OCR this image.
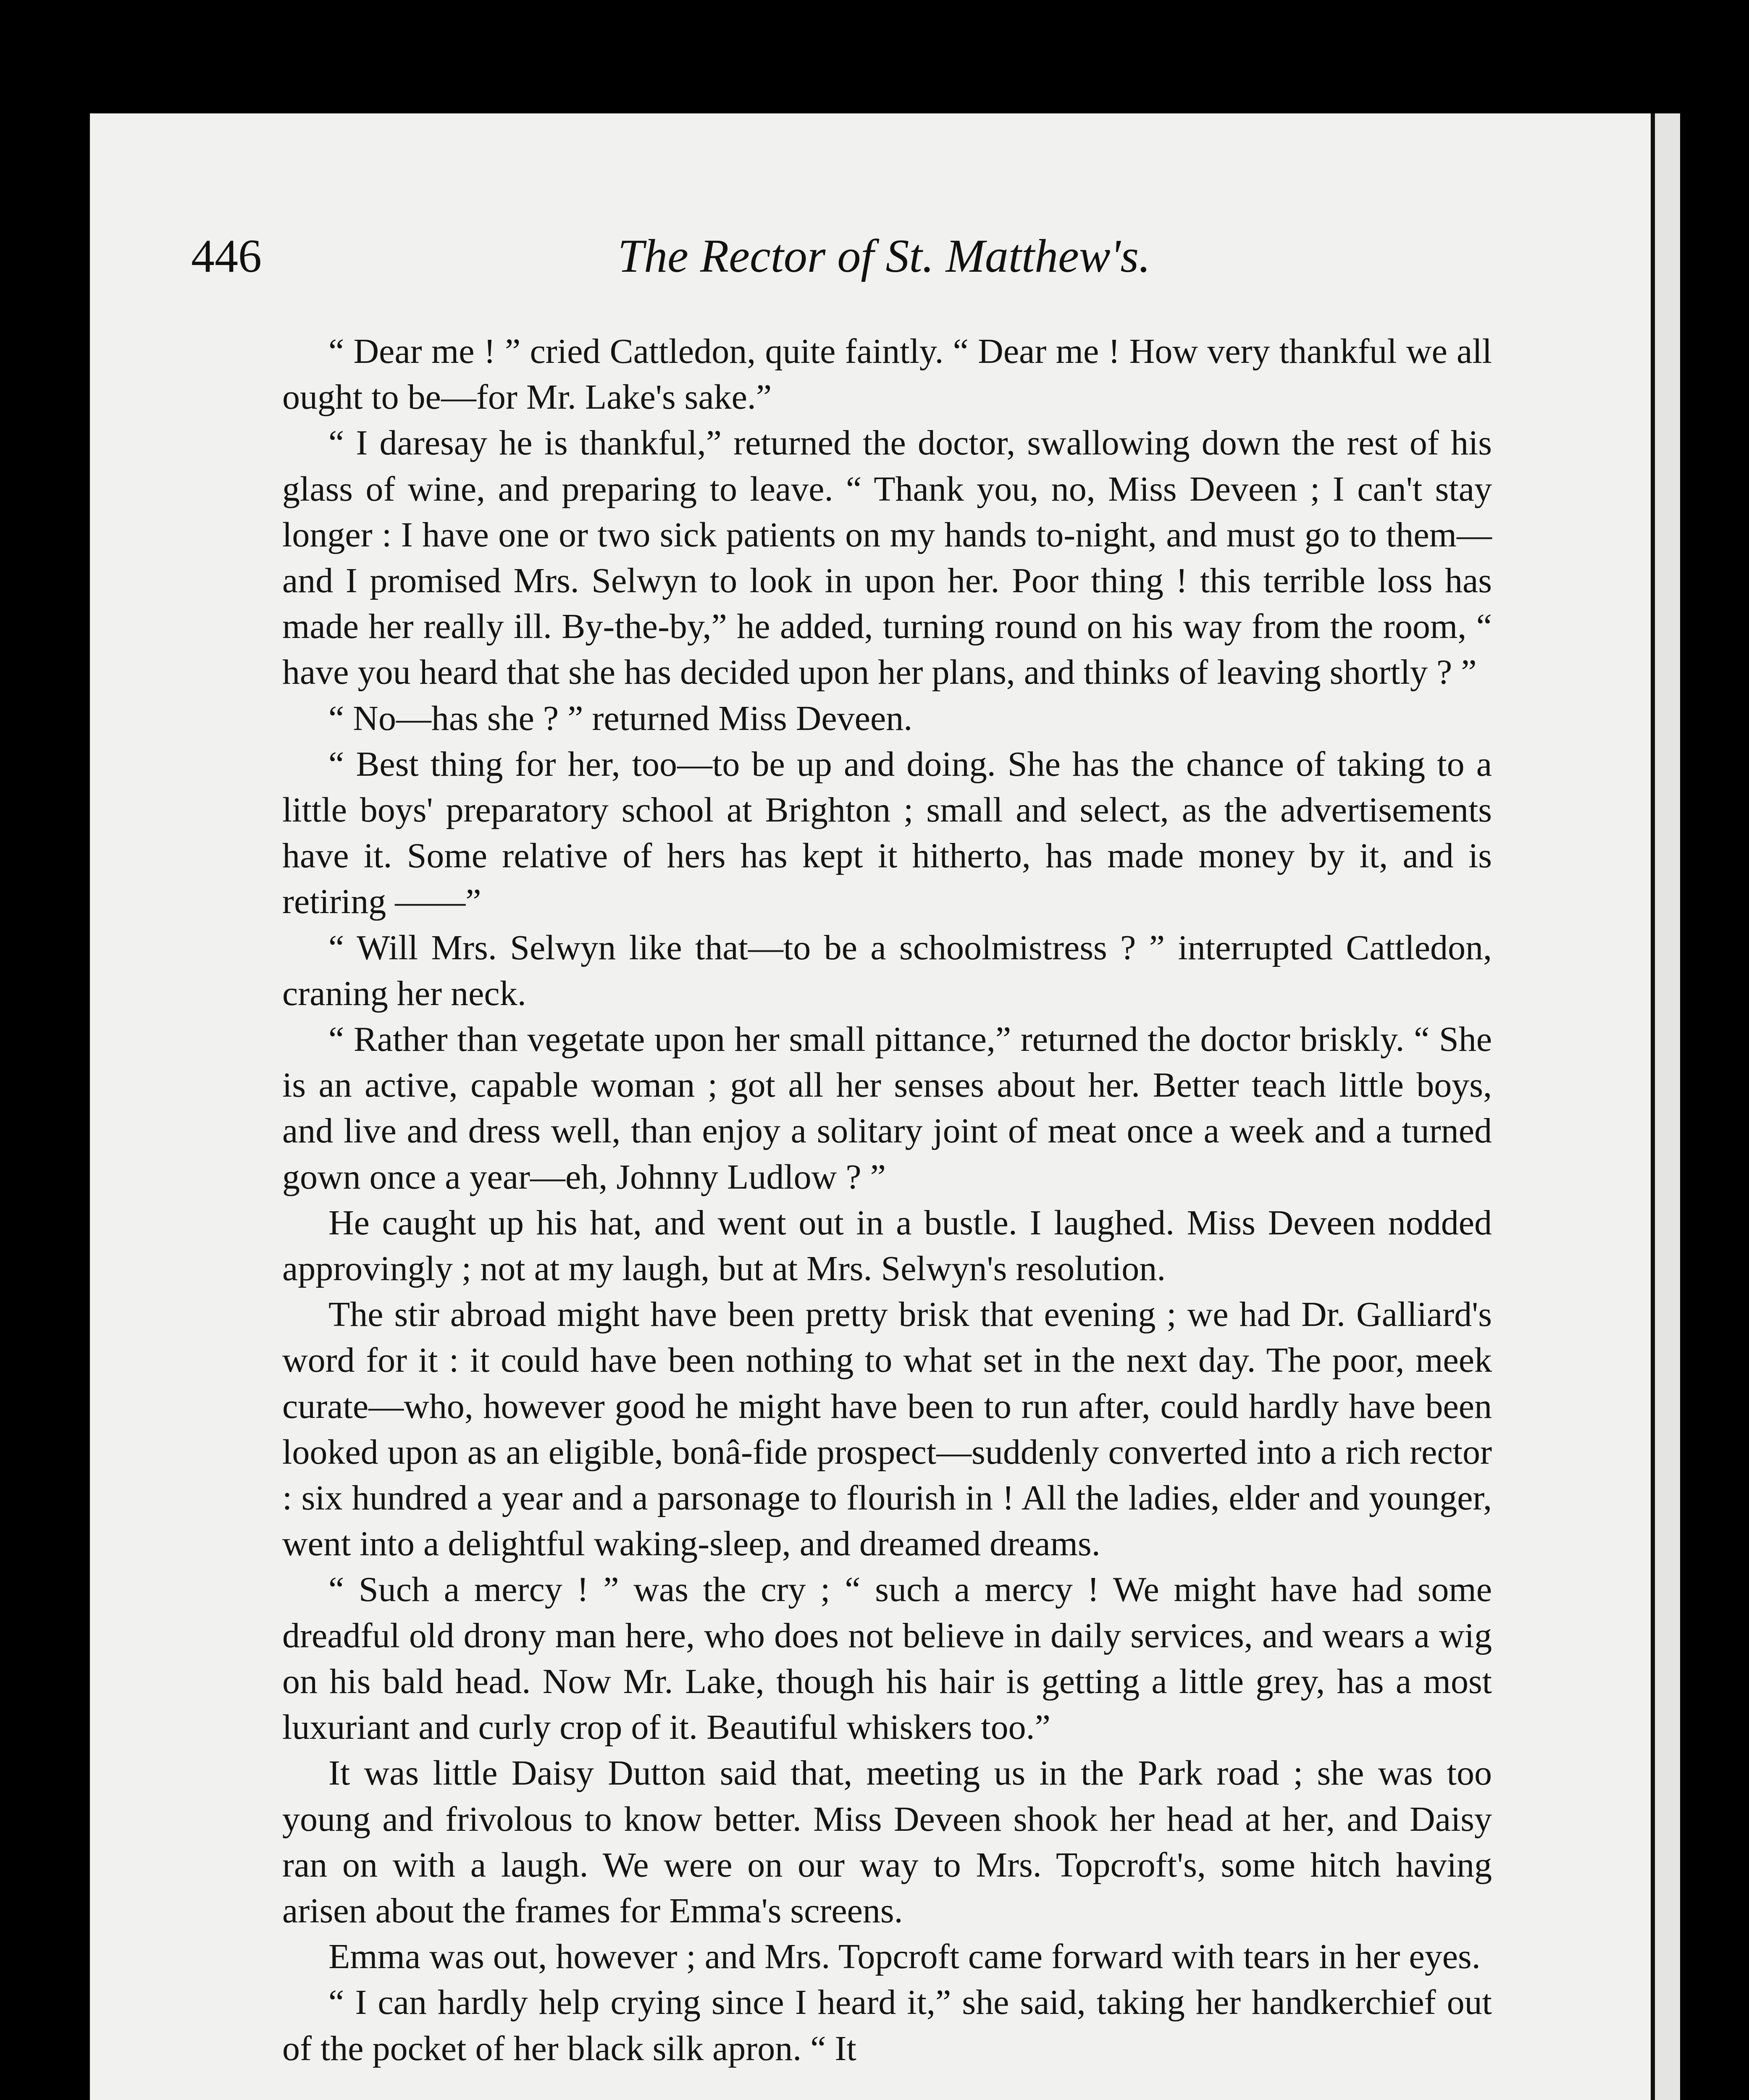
446	The Rector of St. Matthew's.

“ Dear me ! ” cried Cattledon, quite faintly. “ Dear me ! How very thankful we all ought to be—for Mr. Lake's sake.”

“ I daresay he is thankful,” returned the doctor, swallowing down the rest of his glass of wine, and preparing to leave. “ Thank you, no, Miss Deveen ; I can't stay longer : I have one or two sick patients on my hands to-night, and must go to them—and I promised Mrs. Selwyn to look in upon her. Poor thing ! this terrible loss has made her really ill. By-the-by,” he added, turning round on his way from the room, “ have you heard that she has decided upon her plans, and thinks of leaving shortly ? ”

“ No—has she ? ” returned Miss Deveen.

“ Best thing for her, too—to be up and doing. She has the chance of taking to a little boys' preparatory school at Brighton ; small and select, as the advertisements have it. Some relative of hers has kept it hitherto, has made money by it, and is retiring ——”

“ Will Mrs. Selwyn like that—to be a schoolmistress ? ” interrupted Cattledon, craning her neck.

“ Rather than vegetate upon her small pittance,” returned the doctor briskly. “ She is an active, capable woman ; got all her senses about her. Better teach little boys, and live and dress well, than enjoy a solitary joint of meat once a week and a turned gown once a year—eh, Johnny Ludlow ? ”

He caught up his hat, and went out in a bustle. I laughed. Miss Deveen nodded approvingly ; not at my laugh, but at Mrs. Selwyn's resolution.

The stir abroad might have been pretty brisk that evening ; we had Dr. Galliard's word for it : it could have been nothing to what set in the next day. The poor, meek curate—who, however good he might have been to run after, could hardly have been looked upon as an eligible, bonâ-fide prospect—suddenly converted into a rich rector : six hundred a year and a parsonage to flourish in ! All the ladies, elder and younger, went into a delightful waking-sleep, and dreamed dreams.

“ Such a mercy ! ” was the cry ; “ such a mercy ! We might have had some dreadful old drony man here, who does not believe in daily services, and wears a wig on his bald head. Now Mr. Lake, though his hair is getting a little grey, has a most luxuriant and curly crop of it. Beautiful whiskers too.”

It was little Daisy Dutton said that, meeting us in the Park road ; she was too young and frivolous to know better. Miss Deveen shook her head at her, and Daisy ran on with a laugh. We were on our way to Mrs. Topcroft's, some hitch having arisen about the frames for Emma's screens.

Emma was out, however ; and Mrs. Topcroft came forward with tears in her eyes.

“ I can hardly help crying since I heard it,” she said, taking her handkerchief out of the pocket of her black silk apron. “ It
